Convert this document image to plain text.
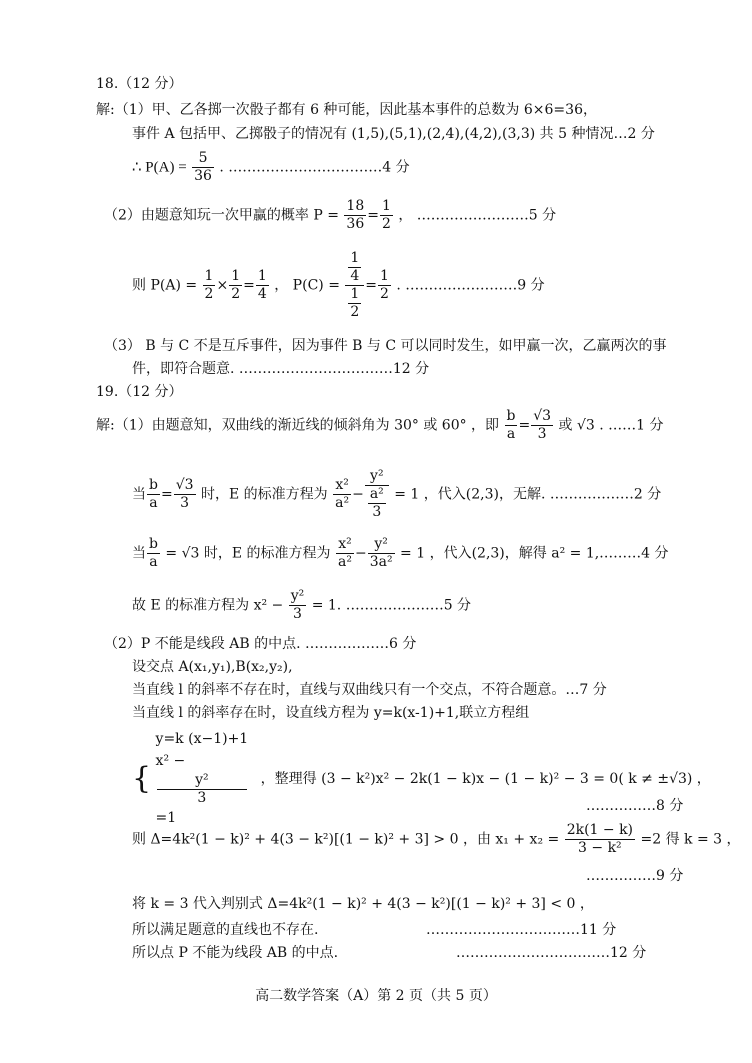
18.（12 分）
解:（1）甲、乙各掷一次骰子都有 6 种可能，因此基本事件的总数为 6×6=36，
事件 A 包括甲、乙掷骰子的情况有 (1,5),(5,1),(2,4),(4,2),(3,3) 共 5 种情况…2 分
∴ $P(A) = \frac{5}{36}$ . ……………………………4 分
（2）由题意知玩一次甲赢的概率 $P = \frac{18}{36} = \frac{1}{2}$ ， ……………………5 分
则 $P(A) = \frac{1}{2} \times \frac{1}{2} = \frac{1}{4}$ ， $P(C) = \frac{\frac{1}{4}}{\frac{1}{2}} = \frac{1}{2}$ . ……………………9 分
（3） B 与 C 不是互斥事件，因为事件 B 与 C 可以同时发生，如甲赢一次，乙赢两次的事
件，即符合题意. ……………………………12 分
19.（12 分）
解:（1）由题意知，双曲线的渐近线的倾斜角为 30° 或 60° ，即 $\frac{b}{a} = \frac{√3}{3}$ 或 √3 . ……1 分
当 $\frac{b}{a} = \frac{√3}{3}$ 时，E 的标准方程为 $\frac{\text{x²}}{\text{a²}} - \frac{\text{y²}}{\frac{\text{a²}}{3}} = 1$ ，代入(2,3)，无解. ………………2 分
当 $\frac{b}{a} = √3$ 时，E 的标准方程为 $\frac{\text{x²}}{\text{a²}} - \frac{\text{y²}}{\text{3a²}} = 1$ ，代入(2,3)，解得 a² = 1,………4 分
故 E 的标准方程为 $x^2 - \frac{\text{y²}}{3} = 1$. …………………5 分
（2）P 不能是线段 AB 的中点. ………………6 分
设交点 A(x₁,y₁),B(x₂,y₂),
当直线 l 的斜率不存在时，直线与双曲线只有一个交点，不符合题意。…7 分
当直线 l 的斜率存在时，设直线方程为 y=k(x-1)+1,联立方程组
{
y=k (x−1)+1
x² −
y²
3
=1
，整理得 (3 − k²)x² − 2k(1 − k)x − (1 − k)² − 3 = 0( k ≠ ±√3) ，
……………8 分
则 Δ=4k²(1 − k)² + 4(3 − k²)[(1 − k)² + 3] > 0 ，由 $x_1 + x_2 = \frac{2k(1 - k)}{\text{3 − k²}} =2$ 得 k = 3 ，
……………9 分
将 k = 3 代入判别式 Δ=4k²(1 − k)² + 4(3 − k²)[(1 − k)² + 3] < 0 ，
所以满足题意的直线也不存在.	……………………………11 分
所以点 P 不能为线段 AB 的中点.	……………………………12 分
高二数学答案（A）第 2 页（共 5 页）
